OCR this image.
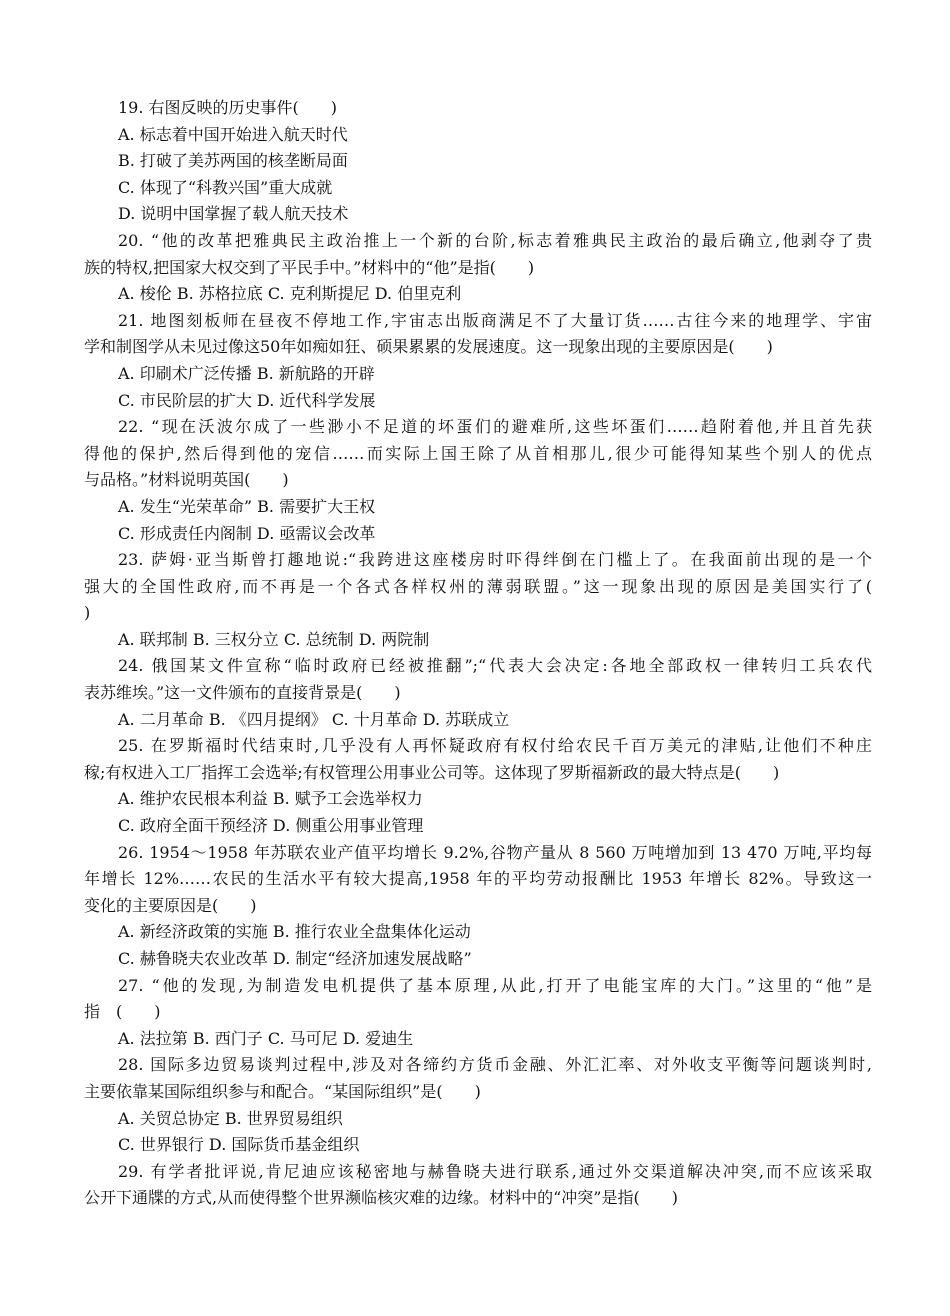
19. 右图反映的历史事件(　　)
A. 标志着中国开始进入航天时代
B. 打破了美苏两国的核垄断局面
C. 体现了“科教兴国”重大成就
D. 说明中国掌握了载人航天技术
20. “他的改革把雅典民主政治推上一个新的台阶,标志着雅典民主政治的最后确立,他剥夺了贵
族的特权,把国家大权交到了平民手中。”材料中的“他”是指(　　)
A. 梭伦 B. 苏格拉底 C. 克利斯提尼 D. 伯里克利
21. 地图刻板师在昼夜不停地工作,宇宙志出版商满足不了大量订货……古往今来的地理学、宇宙
学和制图学从未见过像这50年如痴如狂、硕果累累的发展速度。这一现象出现的主要原因是(　　)
A. 印刷术广泛传播 B. 新航路的开辟
C. 市民阶层的扩大 D. 近代科学发展
22. “现在沃波尔成了一些渺小不足道的坏蛋们的避难所,这些坏蛋们……趋附着他,并且首先获
得他的保护,然后得到他的宠信……而实际上国王除了从首相那儿,很少可能得知某些个别人的优点
与品格。”材料说明英国(　　)
A. 发生“光荣革命” B. 需要扩大王权
C. 形成责任内阁制 D. 亟需议会改革
23. 萨姆·亚当斯曾打趣地说:“我跨进这座楼房时吓得绊倒在门槛上了。在我面前出现的是一个
强大的全国性政府,而不再是一个各式各样权州的薄弱联盟。”这一现象出现的原因是美国实行了(
)
A. 联邦制 B. 三权分立 C. 总统制 D. 两院制
24. 俄国某文件宣称“临时政府已经被推翻”;“代表大会决定:各地全部政权一律转归工兵农代
表苏维埃。”这一文件颁布的直接背景是(　　)
A. 二月革命 B. 《四月提纲》 C. 十月革命 D. 苏联成立
25. 在罗斯福时代结束时,几乎没有人再怀疑政府有权付给农民千百万美元的津贴,让他们不种庄
稼;有权进入工厂指挥工会选举;有权管理公用事业公司等。这体现了罗斯福新政的最大特点是(　　)
A. 维护农民根本利益 B. 赋予工会选举权力
C. 政府全面干预经济 D. 侧重公用事业管理
26. 1954～1958 年苏联农业产值平均增长 9.2%,谷物产量从 8 560 万吨增加到 13 470 万吨,平均每
年增长 12%……农民的生活水平有较大提高,1958 年的平均劳动报酬比 1953 年增长 82%。导致这一
变化的主要原因是(　　)
A. 新经济政策的实施 B. 推行农业全盘集体化运动
C. 赫鲁晓夫农业改革 D. 制定“经济加速发展战略”
27. “他的发现,为制造发电机提供了基本原理,从此,打开了电能宝库的大门。”这里的“他”是
指　(　　)
A. 法拉第 B. 西门子 C. 马可尼 D. 爱迪生
28. 国际多边贸易谈判过程中,涉及对各缔约方货币金融、外汇汇率、对外收支平衡等问题谈判时,
主要依靠某国际组织参与和配合。“某国际组织”是(　　)
A. 关贸总协定 B. 世界贸易组织
C. 世界银行 D. 国际货币基金组织
29. 有学者批评说,肯尼迪应该秘密地与赫鲁晓夫进行联系,通过外交渠道解决冲突,而不应该采取
公开下通牒的方式,从而使得整个世界濒临核灾难的边缘。材料中的“冲突”是指(　　)
